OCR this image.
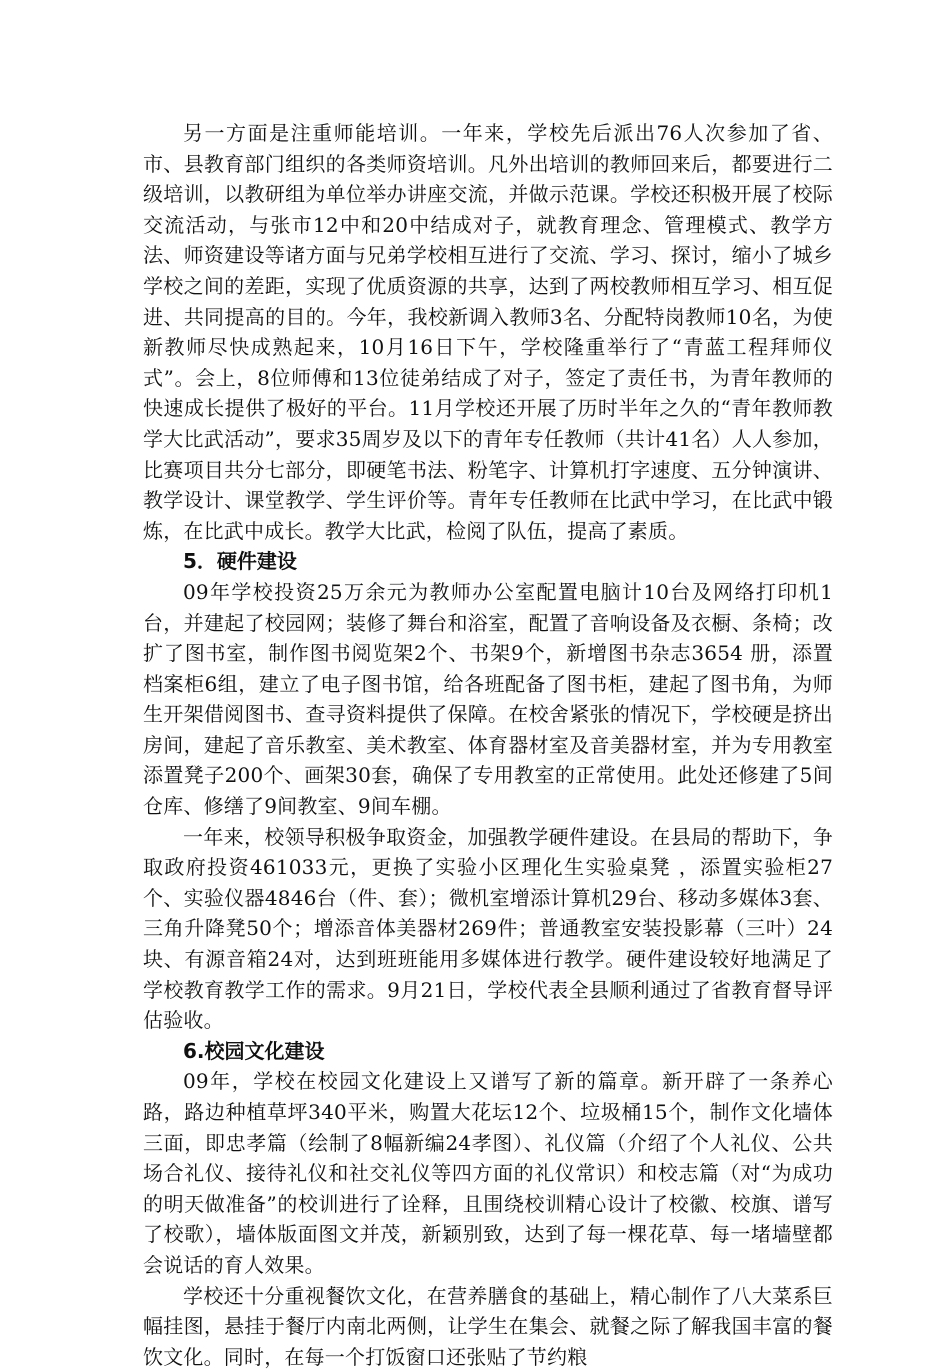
另一方面是注重师能培训。一年来，学校先后派出76人次参加了省、市、县教育部门组织的各类师资培训。凡外出培训的教师回来后，都要进行二级培训，以教研组为单位举办讲座交流，并做示范课。学校还积极开展了校际交流活动，与张市12中和20中结成对子，就教育理念、管理模式、教学方法、师资建设等诸方面与兄弟学校相互进行了交流、学习、探讨，缩小了城乡学校之间的差距，实现了优质资源的共享，达到了两校教师相互学习、相互促进、共同提高的目的。今年，我校新调入教师3名、分配特岗教师10名，为使新教师尽快成熟起来，10月16日下午，学校隆重举行了“青蓝工程拜师仪式”。会上，8位师傅和13位徒弟结成了对子，签定了责任书，为青年教师的快速成长提供了极好的平台。11月学校还开展了历时半年之久的“青年教师教学大比武活动”，要求35周岁及以下的青年专任教师（共计41名）人人参加，比赛项目共分七部分，即硬笔书法、粉笔字、计算机打字速度、五分钟演讲、教学设计、课堂教学、学生评价等。青年专任教师在比武中学习，在比武中锻炼，在比武中成长。教学大比武，检阅了队伍，提高了素质。

5．硬件建设

09年学校投资25万余元为教师办公室配置电脑计10台及网络打印机1 台，并建起了校园网；装修了舞台和浴室，配置了音响设备及衣橱、条椅；改扩了图书室，制作图书阅览架2个、书架9个，新增图书杂志3654 册，添置档案柜6组，建立了电子图书馆，给各班配备了图书柜，建起了图书角，为师生开架借阅图书、查寻资料提供了保障。在校舍紧张的情况下，学校硬是挤出房间，建起了音乐教室、美术教室、体育器材室及音美器材室，并为专用教室添置凳子200个、画架30套，确保了专用教室的正常使用。此处还修建了5间仓库、修缮了9间教室、9间车棚。

一年来，校领导积极争取资金，加强教学硬件建设。在县局的帮助下，争取政府投资461033元，更换了实验小区理化生实验桌凳 ，添置实验柜27个、实验仪器4846台（件、套）；微机室增添计算机29台、移动多媒体3套、三角升降凳50个；增添音体美器材269件；普通教室安装投影幕（三叶）24块、有源音箱24对，达到班班能用多媒体进行教学。硬件建设较好地满足了学校教育教学工作的需求。9月21日，学校代表全县顺利通过了省教育督导评估验收。

6.校园文化建设

09年，学校在校园文化建设上又谱写了新的篇章。新开辟了一条养心路，路边种植草坪340平米，购置大花坛12个、垃圾桶15个，制作文化墙体三面，即忠孝篇（绘制了8幅新编24孝图）、礼仪篇（介绍了个人礼仪、公共场合礼仪、接待礼仪和社交礼仪等四方面的礼仪常识）和校志篇（对“为成功的明天做准备”的校训进行了诠释，且围绕校训精心设计了校徽、校旗、谱写了校歌），墙体版面图文并茂，新颖别致，达到了每一棵花草、每一堵墙壁都会说话的育人效果。

学校还十分重视餐饮文化，在营养膳食的基础上，精心制作了八大菜系巨幅挂图，悬挂于餐厅内南北两侧，让学生在集会、就餐之际了解我国丰富的餐饮文化。同时，在每一个打饭窗口还张贴了节约粮
